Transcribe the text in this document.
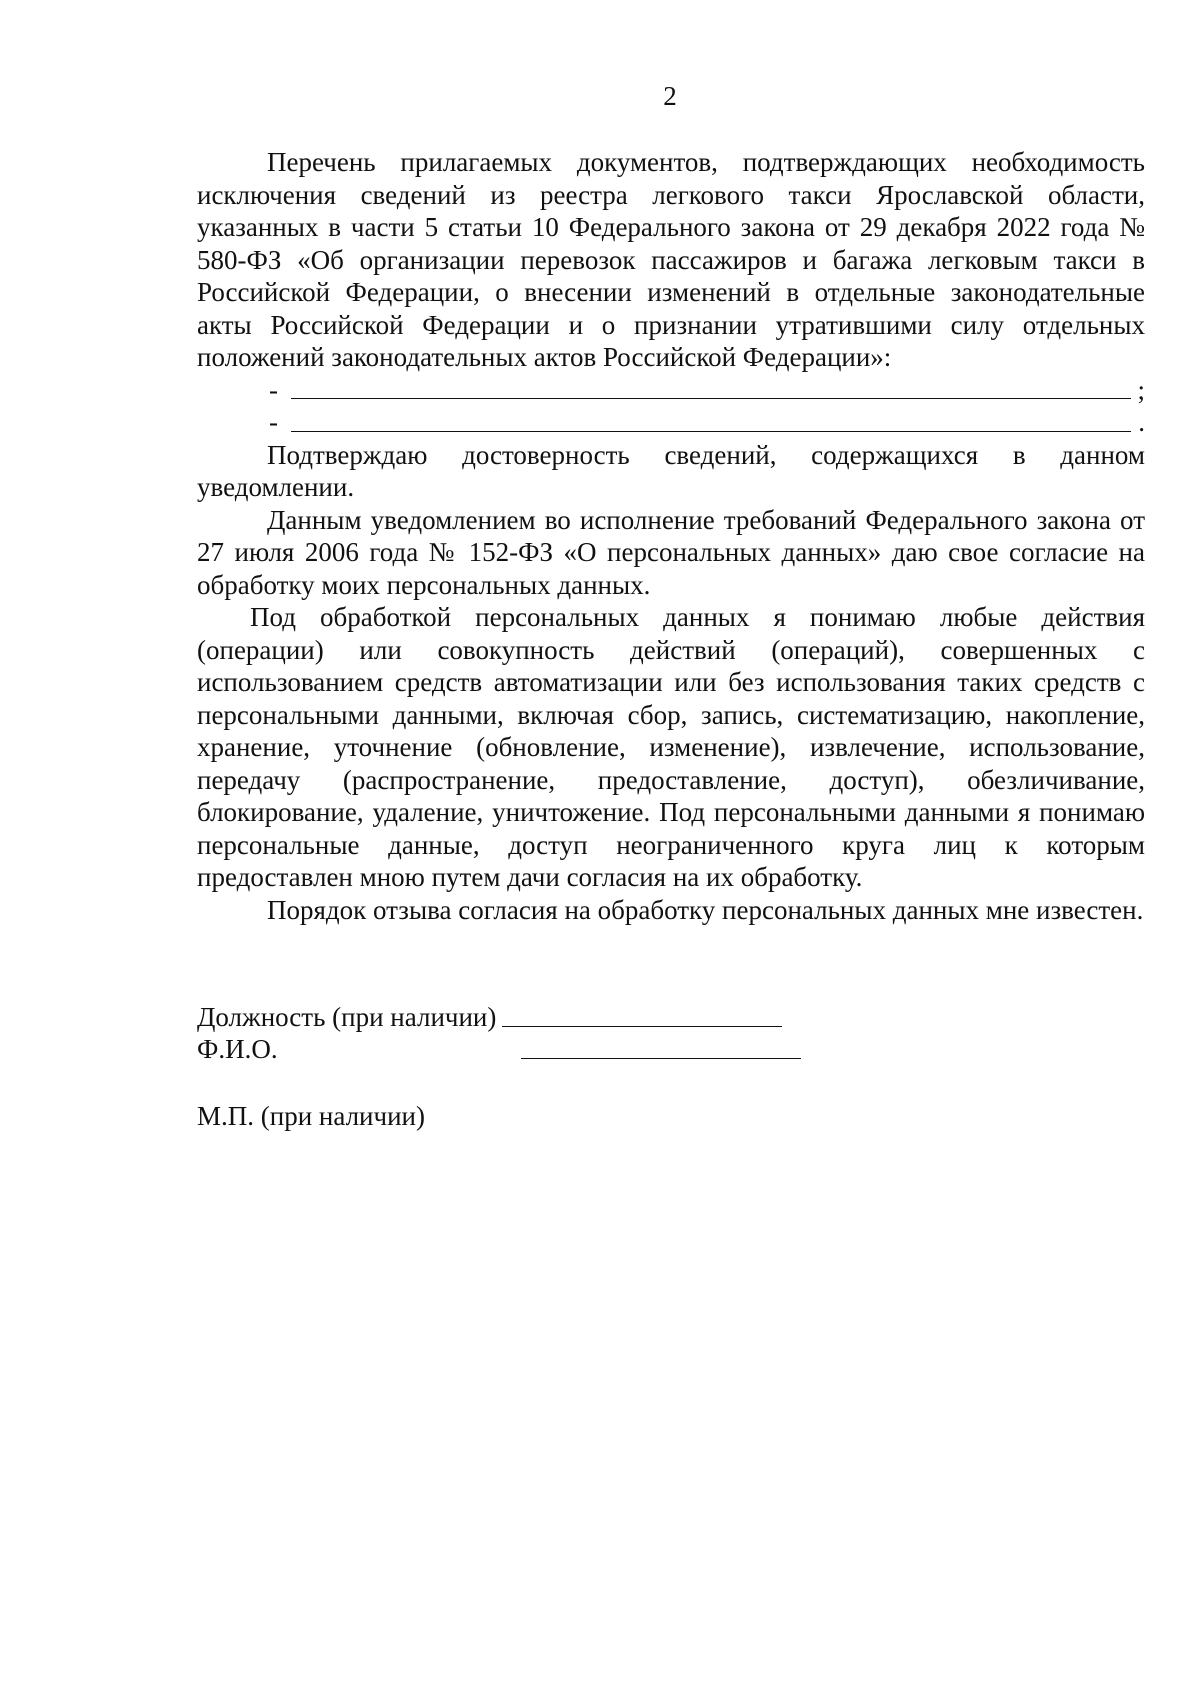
2

Перечень прилагаемых документов, подтверждающих необходимость исключения сведений из реестра легкового такси Ярославской области, указанных в части 5 статьи 10 Федерального закона от 29 декабря 2022 года № 580-ФЗ «Об организации перевозок пассажиров и багажа легковым такси в Российской Федерации, о внесении изменений в отдельные законодательные акты Российской Федерации и о признании утратившими силу отдельных положений законодательных актов Российской Федерации»:

-	;
-	.

Подтверждаю достоверность сведений, содержащихся в данном уведомлении.

Данным уведомлением во исполнение требований Федерального закона от 27 июля 2006 года № 152-ФЗ «О персональных данных» даю свое согласие на обработку моих персональных данных.

Под обработкой персональных данных я понимаю любые действия (операции) или совокупность действий (операций), совершенных с использованием средств автоматизации или без использования таких средств с персональными данными, включая сбор, запись, систематизацию, накопление, хранение, уточнение (обновление, изменение), извлечение, использование, передачу (распространение, предоставление, доступ), обезличивание, блокирование, удаление, уничтожение. Под персональными данными я понимаю персональные данные, доступ неограниченного круга лиц к которым предоставлен мною путем дачи согласия на их обработку.

Порядок отзыва согласия на обработку персональных данных мне известен.

Должность (при наличии)
Ф.И.О.
М.П. (при наличии)
